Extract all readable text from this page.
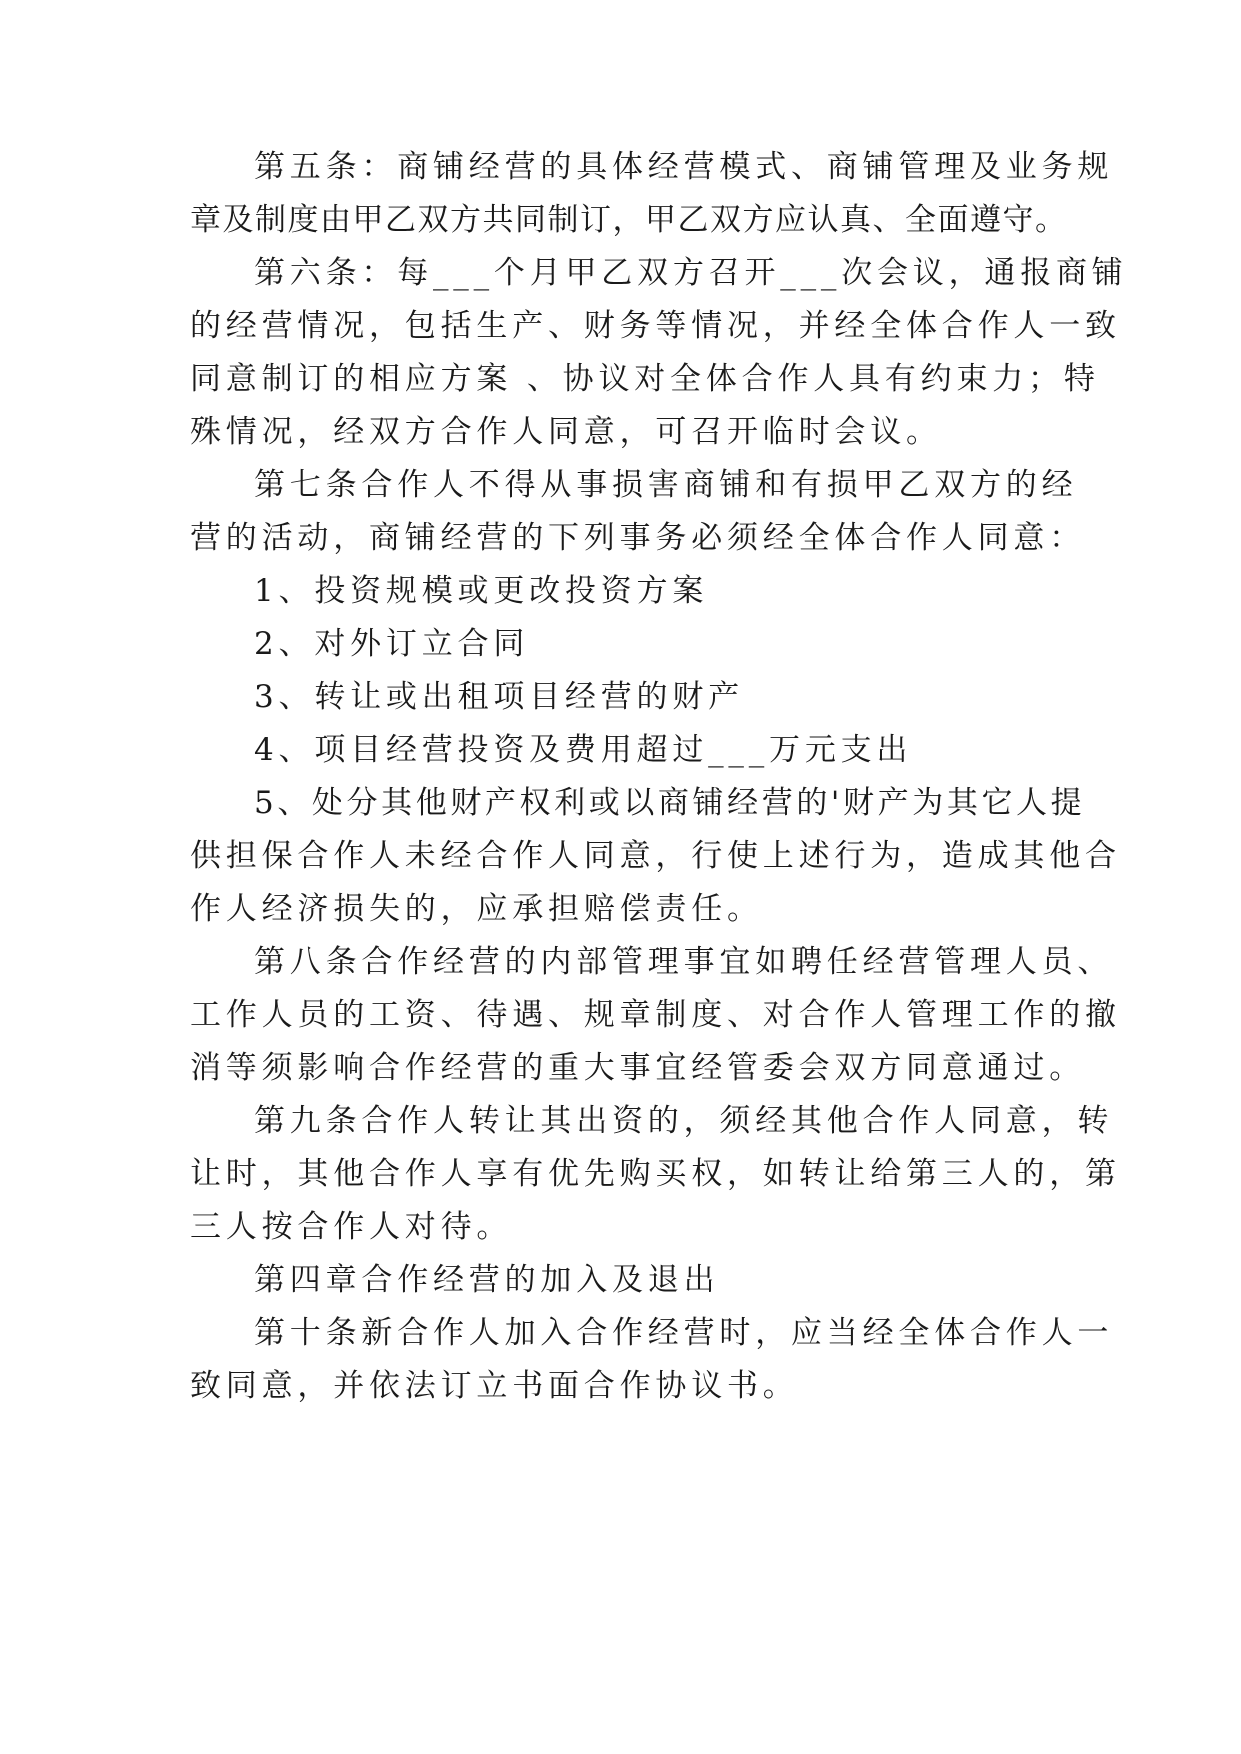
第五条：商铺经营的具体经营模式、商铺管理及业务规

章及制度由甲乙双方共同制订，甲乙双方应认真、全面遵守。

第六条：每___个月甲乙双方召开___次会议，通报商铺

的经营情况，包括生产、财务等情况，并经全体合作人一致

同意制订的相应方案 、协议对全体合作人具有约束力；特

殊情况，经双方合作人同意，可召开临时会议。

第七条合作人不得从事损害商铺和有损甲乙双方的经

营的活动，商铺经营的下列事务必须经全体合作人同意：

1、投资规模或更改投资方案

2、对外订立合同

3、转让或出租项目经营的财产

4、项目经营投资及费用超过___万元支出

5、处分其他财产权利或以商铺经营的'财产为其它人提

供担保合作人未经合作人同意，行使上述行为，造成其他合

作人经济损失的，应承担赔偿责任。

第八条合作经营的内部管理事宜如聘任经营管理人员、

工作人员的工资、待遇、规章制度、对合作人管理工作的撤

消等须影响合作经营的重大事宜经管委会双方同意通过。

第九条合作人转让其出资的，须经其他合作人同意，转

让时，其他合作人享有优先购买权，如转让给第三人的，第

三人按合作人对待。

第四章合作经营的加入及退出

第十条新合作人加入合作经营时，应当经全体合作人一

致同意，并依法订立书面合作协议书。
